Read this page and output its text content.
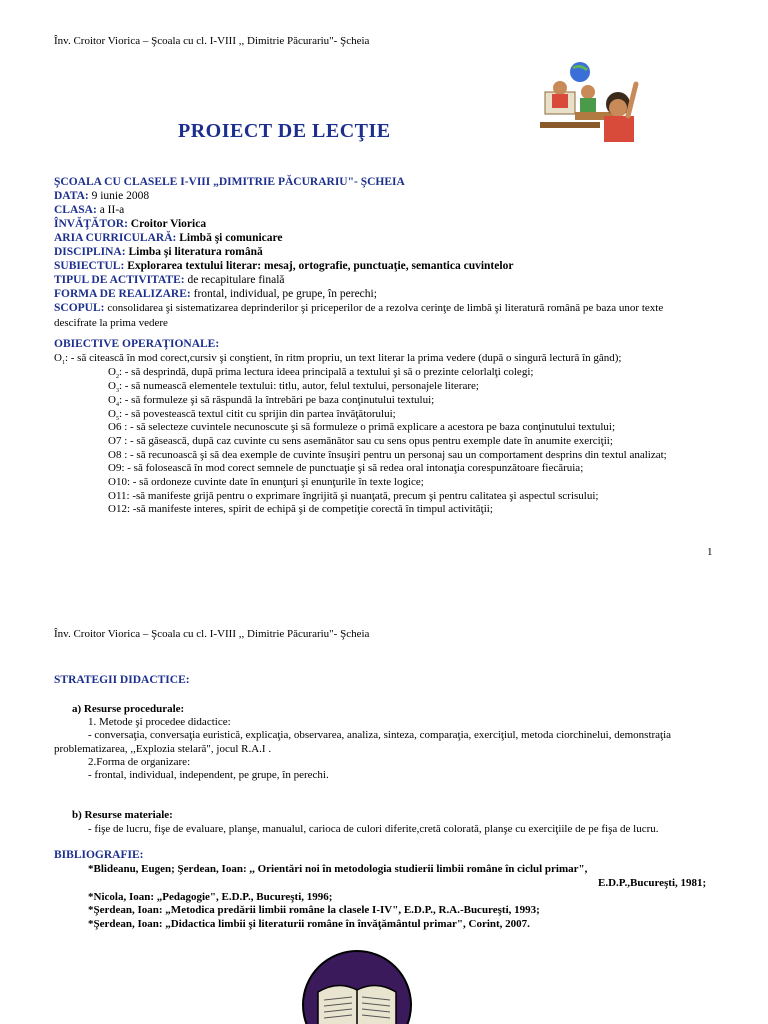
Înv. Croitor Viorica – Şcoala cu cl. I-VIII ,, Dimitrie Păcurariu"- Şcheia
PROIECT DE LECŢIE
ŞCOALA CU CLASELE I-VIII „DIMITRIE PĂCURARIU"- ŞCHEIA
DATA: 9 iunie 2008
CLASA: a II-a
ÎNVĂŢĂTOR: Croitor Viorica
ARIA CURRICULARĂ: Limbă şi comunicare
DISCIPLINA: Limba şi literatura română
SUBIECTUL: Explorarea textului literar: mesaj, ortografie, punctuaţie, semantica cuvintelor
TIPUL DE ACTIVITATE: de recapitulare finală
FORMA DE REALIZARE: frontal, individual, pe grupe, în perechi;
SCOPUL: consolidarea şi sistematizarea deprinderilor şi priceperilor de a rezolva cerinţe de limbă şi literatură română pe baza unor texte
descifrate la prima vedere
OBIECTIVE OPERAŢIONALE:
$O_1$: - să citească în mod corect,cursiv şi conştient, în ritm propriu, un text literar la prima vedere (după o singură lectură în gând);
$O_2$: - să desprindă, după prima lectura ideea principală a textului şi să o prezinte celorlalţi colegi;
$O_3$: - să numească elementele textului: titlu, autor, felul textului, personajele literare;
$O_4$: - să formuleze şi să răspundă la întrebări pe baza conţinutului textului;
$O_5$: - să povestească textul citit cu sprijin din partea învăţătorului;
O6 : - să selecteze cuvintele necunoscute şi să formuleze o primă explicare a acestora pe baza conţinutului textului;
O7 : - să găsească, după caz cuvinte cu sens asemănător sau cu sens opus pentru exemple date în anumite exerciţii;
O8 : - să recunoască şi să dea exemple de cuvinte însuşiri pentru un personaj sau un comportament desprins din textul analizat;
O9: - să folosească în mod corect semnele de punctuaţie şi să redea oral intonaţia corespunzătoare fiecăruia;
O10: - să ordoneze cuvinte date în enunţuri şi enunţurile în texte logice;
O11: -să manifeste grijă pentru o exprimare îngrijită şi nuanţată, precum şi pentru calitatea şi aspectul scrisului;
O12: -să manifeste interes, spirit de echipă şi de competiţie corectă în timpul activităţii;
1
Înv. Croitor Viorica – Şcoala cu cl. I-VIII ,, Dimitrie Păcurariu"- Şcheia
STRATEGII DIDACTICE:
a) Resurse procedurale:
1. Metode şi procedee didactice:
- conversaţia, conversaţia euristică, explicaţia, observarea, analiza, sinteza, comparaţia, exerciţiul, metoda ciorchinelui, demonstraţia
problematizarea, ,,Explozia stelară", jocul R.A.I .
2.Forma de organizare:
- frontal, individual, independent, pe grupe, în perechi.
b) Resurse materiale:
- fişe de lucru, fişe de evaluare, planşe, manualul, carioca de culori diferite,cretă colorată, planşe cu exerciţiile de pe fişa de lucru.
BIBLIOGRAFIE:
*Blideanu, Eugen; Şerdean, Ioan: ,, Orientări noi în metodologia studierii limbii române în ciclul primar",
E.D.P.,Bucureşti, 1981;
*Nicola, Ioan: „Pedagogie", E.D.P., Bucureşti, 1996;
*Şerdean, Ioan: „Metodica predării limbii române la clasele I-IV", E.D.P., R.A.-Bucureşti, 1993;
*Şerdean, Ioan: „Didactica limbii şi literaturii române în învăţământul primar", Corint, 2007.
